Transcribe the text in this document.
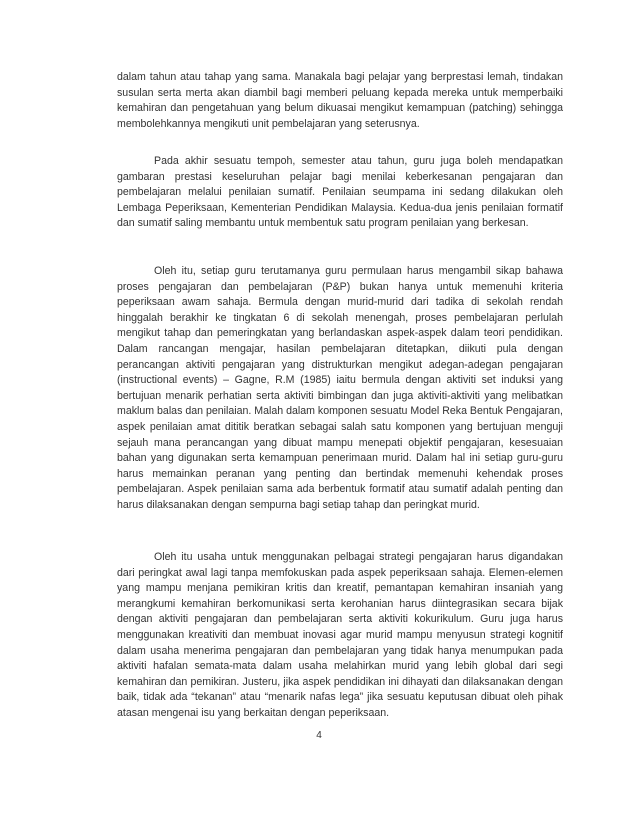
dalam tahun atau tahap yang sama. Manakala bagi pelajar yang berprestasi lemah, tindakan susulan serta merta akan diambil bagi memberi peluang kepada mereka untuk memperbaiki kemahiran dan pengetahuan yang belum dikuasai mengikut kemampuan (patching) sehingga membolehkannya mengikuti unit pembelajaran yang seterusnya.

Pada akhir sesuatu tempoh, semester atau tahun, guru juga boleh mendapatkan gambaran prestasi keseluruhan pelajar bagi menilai keberkesanan pengajaran dan pembelajaran melalui penilaian sumatif. Penilaian seumpama ini sedang dilakukan oleh Lembaga Peperiksaan, Kementerian Pendidikan Malaysia. Kedua-dua jenis penilaian formatif dan sumatif saling membantu untuk membentuk satu program penilaian yang berkesan.

Oleh itu, setiap guru terutamanya guru permulaan harus mengambil sikap bahawa proses pengajaran dan pembelajaran (P&P) bukan hanya untuk memenuhi kriteria peperiksaan awam sahaja. Bermula dengan murid-murid dari tadika di sekolah rendah hinggalah berakhir ke tingkatan 6 di sekolah menengah, proses pembelajaran perlulah mengikut tahap dan pemeringkatan yang berlandaskan aspek-aspek dalam teori pendidikan. Dalam rancangan mengajar, hasilan pembelajaran ditetapkan, diikuti pula dengan perancangan aktiviti pengajaran yang distrukturkan mengikut adegan-adegan pengajaran (instructional events) – Gagne, R.M (1985) iaitu bermula dengan aktiviti set induksi yang bertujuan menarik perhatian serta aktiviti bimbingan dan juga aktiviti-aktiviti yang melibatkan maklum balas dan penilaian. Malah dalam komponen sesuatu Model Reka Bentuk Pengajaran, aspek penilaian amat dititik beratkan sebagai salah satu komponen yang bertujuan menguji sejauh mana perancangan yang dibuat mampu menepati objektif pengajaran, kesesuaian bahan yang digunakan serta kemampuan penerimaan murid. Dalam hal ini setiap guru-guru harus memainkan peranan yang penting dan bertindak memenuhi kehendak proses pembelajaran. Aspek penilaian sama ada berbentuk formatif atau sumatif adalah penting dan harus dilaksanakan dengan sempurna bagi setiap tahap dan peringkat murid.

Oleh itu usaha untuk menggunakan pelbagai strategi pengajaran harus digandakan dari peringkat awal lagi tanpa memfokuskan pada aspek peperiksaan sahaja. Elemen-elemen yang mampu menjana pemikiran kritis dan kreatif, pemantapan kemahiran insaniah yang merangkumi kemahiran berkomunikasi serta kerohanian harus diintegrasikan secara bijak dengan aktiviti pengajaran dan pembelajaran serta aktiviti kokurikulum. Guru juga harus menggunakan kreativiti dan membuat inovasi agar murid mampu menyusun strategi kognitif dalam usaha menerima pengajaran dan pembelajaran yang tidak hanya menumpukan pada aktiviti hafalan semata-mata dalam usaha melahirkan murid yang lebih global dari segi kemahiran dan pemikiran. Justeru, jika aspek pendidikan ini dihayati dan dilaksanakan dengan baik, tidak ada “tekanan” atau “menarik nafas lega” jika sesuatu keputusan dibuat oleh pihak atasan mengenai isu yang berkaitan dengan peperiksaan.

4
